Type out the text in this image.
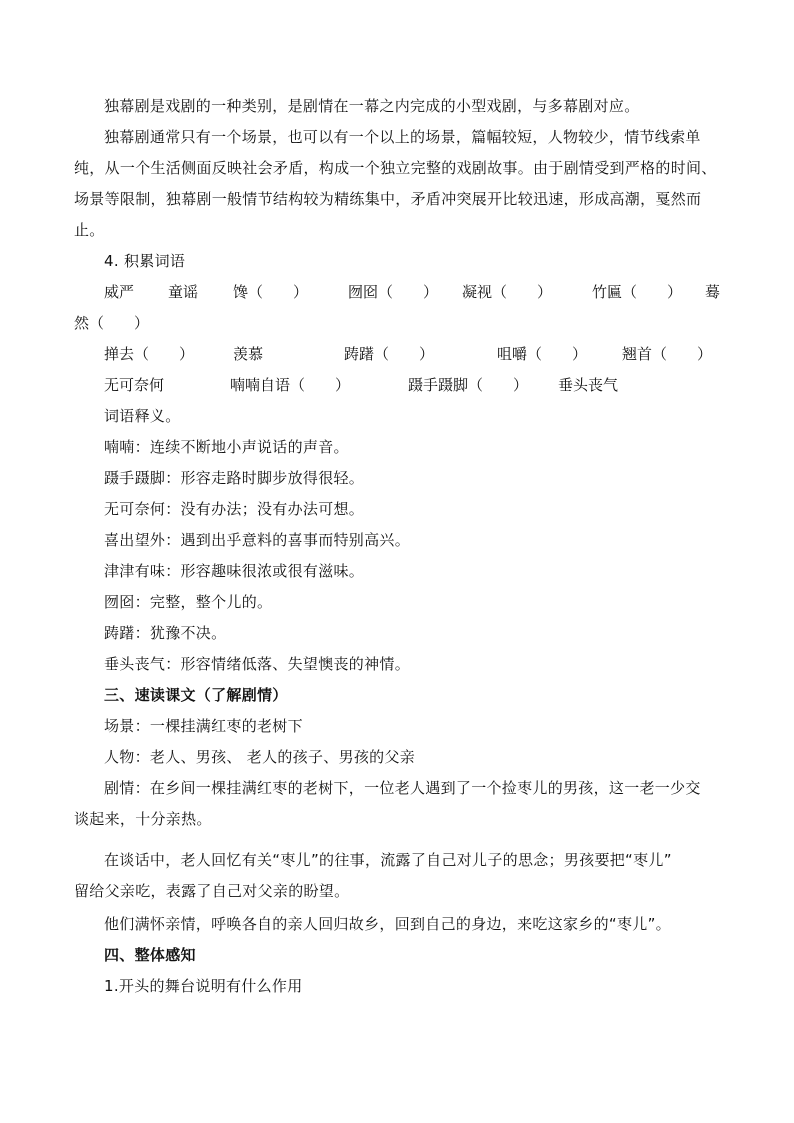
独幕剧是戏剧的一种类别，是剧情在一幕之内完成的小型戏剧，与多幕剧对应。
独幕剧通常只有一个场景，也可以有一个以上的场景，篇幅较短，人物较少，情节线索单
纯，从一个生活侧面反映社会矛盾，构成一个独立完整的戏剧故事。由于剧情受到严格的时间、
场景等限制，独幕剧一般情节结构较为精练集中，矛盾冲突展开比较迅速，形成高潮，戛然而
止。
4. 积累词语
威严 童谣 馋（　　）	囫囵（　　） 凝视（　　）	竹匾（　　） 蓦
然（　　）
掸去（　　）	羡慕	踌躇（　　）	咀嚼（　　） 翘首（　　）
无可奈何	喃喃自语（　　）	蹑手蹑脚（　　） 垂头丧气
词语释义。
喃喃：连续不断地小声说话的声音。
蹑手蹑脚：形容走路时脚步放得很轻。
无可奈何：没有办法；没有办法可想。
喜出望外：遇到出乎意料的喜事而特别高兴。
津津有味：形容趣味很浓或很有滋味。
囫囵：完整，整个儿的。
踌躇：犹豫不决。
垂头丧气：形容情绪低落、失望懊丧的神情。
三、速读课文（了解剧情）
场景：一棵挂满红枣的老树下
人物：老人、男孩、 老人的孩子、男孩的父亲
剧情：在乡间一棵挂满红枣的老树下，一位老人遇到了一个捡枣儿的男孩，这一老一少交
谈起来，十分亲热。
在谈话中，老人回忆有关“枣儿”的往事，流露了自己对儿子的思念；男孩要把“枣儿”
留给父亲吃，表露了自己对父亲的盼望。
他们满怀亲情，呼唤各自的亲人回归故乡，回到自己的身边，来吃这家乡的“枣儿”。
四、整体感知
1.开头的舞台说明有什么作用
